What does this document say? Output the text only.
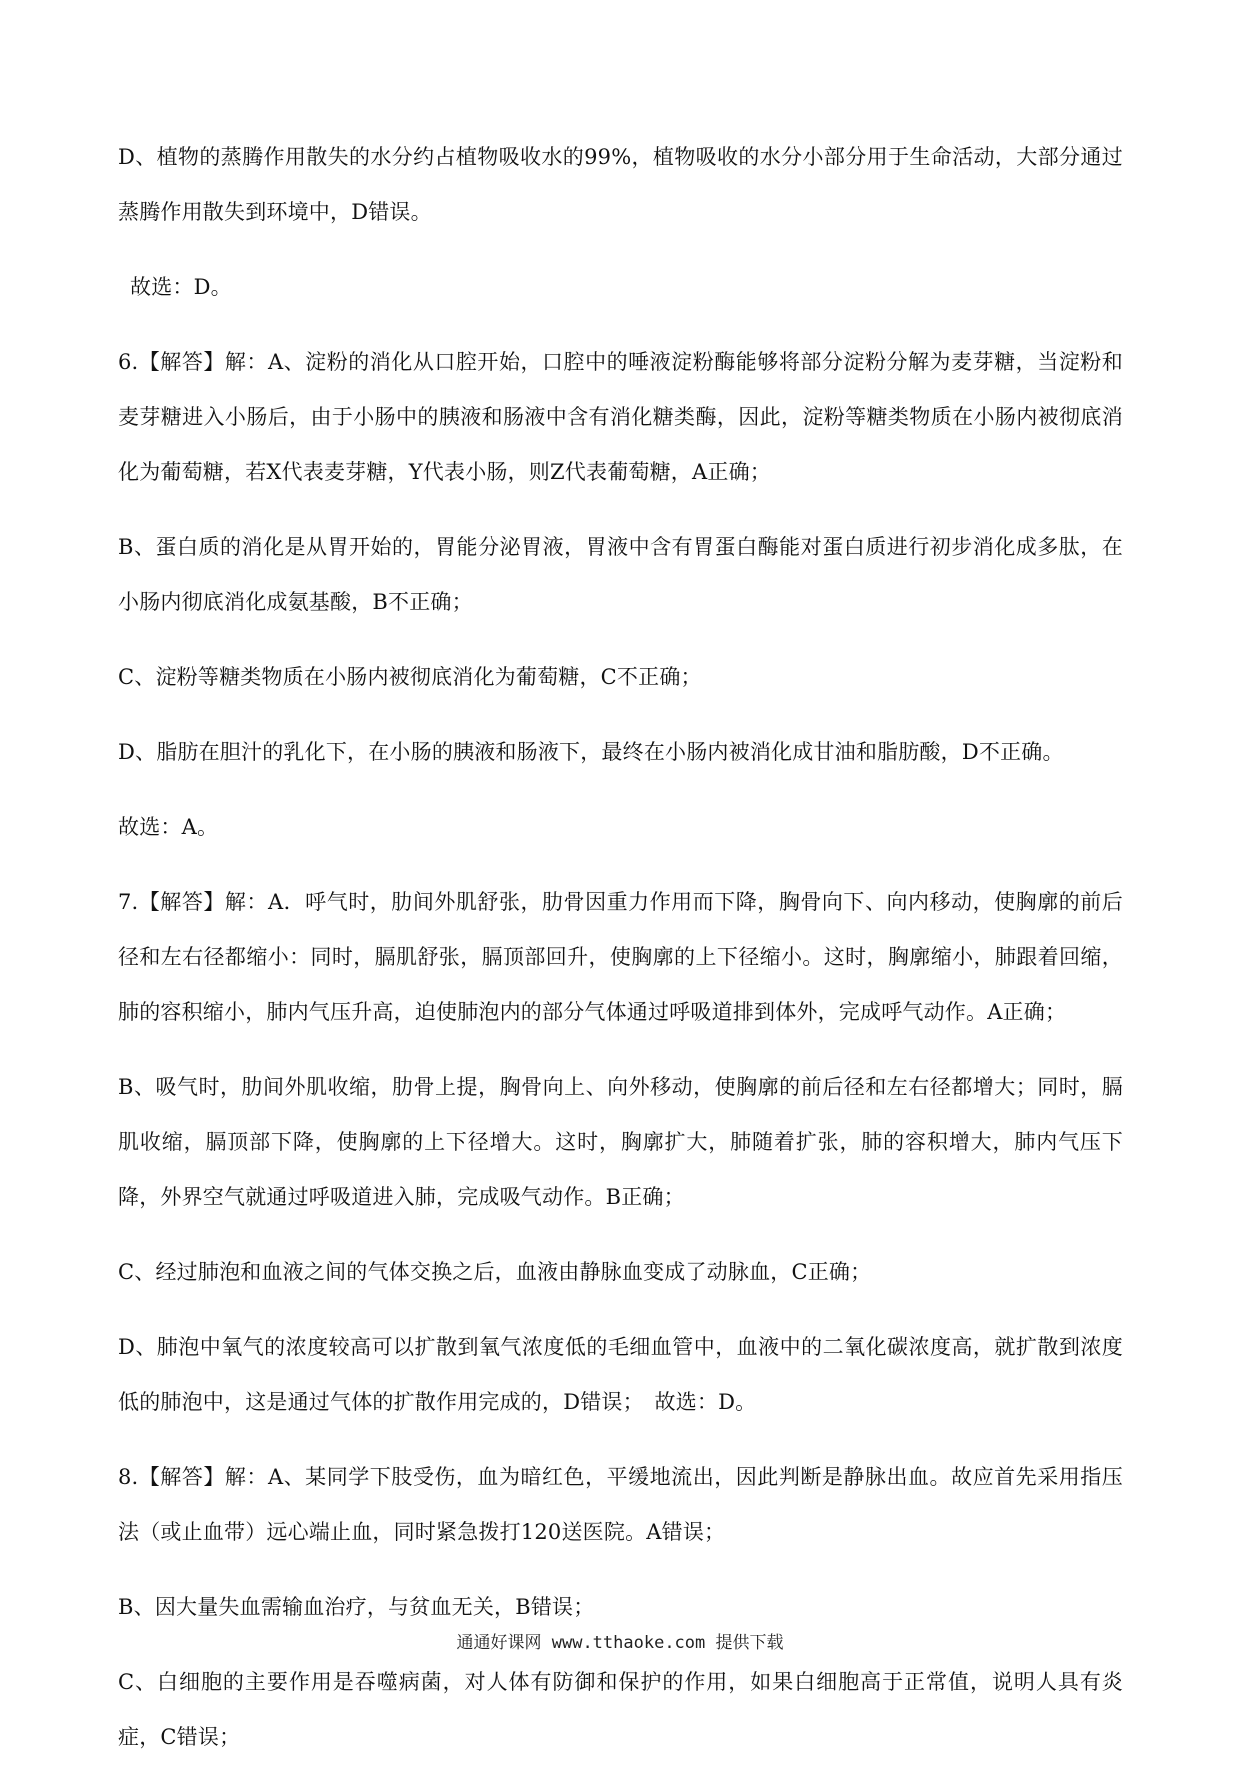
D、植物的蒸腾作用散失的水分约占植物吸收水的99%，植物吸收的水分小部分用于生命活动，大部分通过蒸腾作用散失到环境中，D错误。

故选：D。

6.【解答】解：A、淀粉的消化从口腔开始，口腔中的唾液淀粉酶能够将部分淀粉分解为麦芽糖，当淀粉和麦芽糖进入小肠后，由于小肠中的胰液和肠液中含有消化糖类酶，因此，淀粉等糖类物质在小肠内被彻底消化为葡萄糖，若X代表麦芽糖，Y代表小肠，则Z代表葡萄糖，A正确；

B、蛋白质的消化是从胃开始的，胃能分泌胃液，胃液中含有胃蛋白酶能对蛋白质进行初步消化成多肽，在小肠内彻底消化成氨基酸，B不正确；

C、淀粉等糖类物质在小肠内被彻底消化为葡萄糖，C不正确；

D、脂肪在胆汁的乳化下，在小肠的胰液和肠液下，最终在小肠内被消化成甘油和脂肪酸，D不正确。

故选：A。

7.【解答】解：A．呼气时，肋间外肌舒张，肋骨因重力作用而下降，胸骨向下、向内移动，使胸廓的前后径和左右径都缩小：同时，膈肌舒张，膈顶部回升，使胸廓的上下径缩小。这时，胸廓缩小，肺跟着回缩，肺的容积缩小，肺内气压升高，迫使肺泡内的部分气体通过呼吸道排到体外，完成呼气动作。A正确；

B、吸气时，肋间外肌收缩，肋骨上提，胸骨向上、向外移动，使胸廓的前后径和左右径都增大；同时，膈肌收缩，膈顶部下降，使胸廓的上下径增大。这时，胸廓扩大，肺随着扩张，肺的容积增大，肺内气压下降，外界空气就通过呼吸道进入肺，完成吸气动作。B正确；

C、经过肺泡和血液之间的气体交换之后，血液由静脉血变成了动脉血，C正确；

D、肺泡中氧气的浓度较高可以扩散到氧气浓度低的毛细血管中，血液中的二氧化碳浓度高，就扩散到浓度低的肺泡中，这是通过气体的扩散作用完成的，D错误；　故选：D。

8.【解答】解：A、某同学下肢受伤，血为暗红色，平缓地流出，因此判断是静脉出血。故应首先采用指压法（或止血带）远心端止血，同时紧急拨打120送医院。A错误；

B、因大量失血需输血治疗，与贫血无关，B错误；

C、白细胞的主要作用是吞噬病菌，对人体有防御和保护的作用，如果白细胞高于正常值，说明人具有炎症，C错误；

通通好课网 www.tthaoke.com 提供下载
